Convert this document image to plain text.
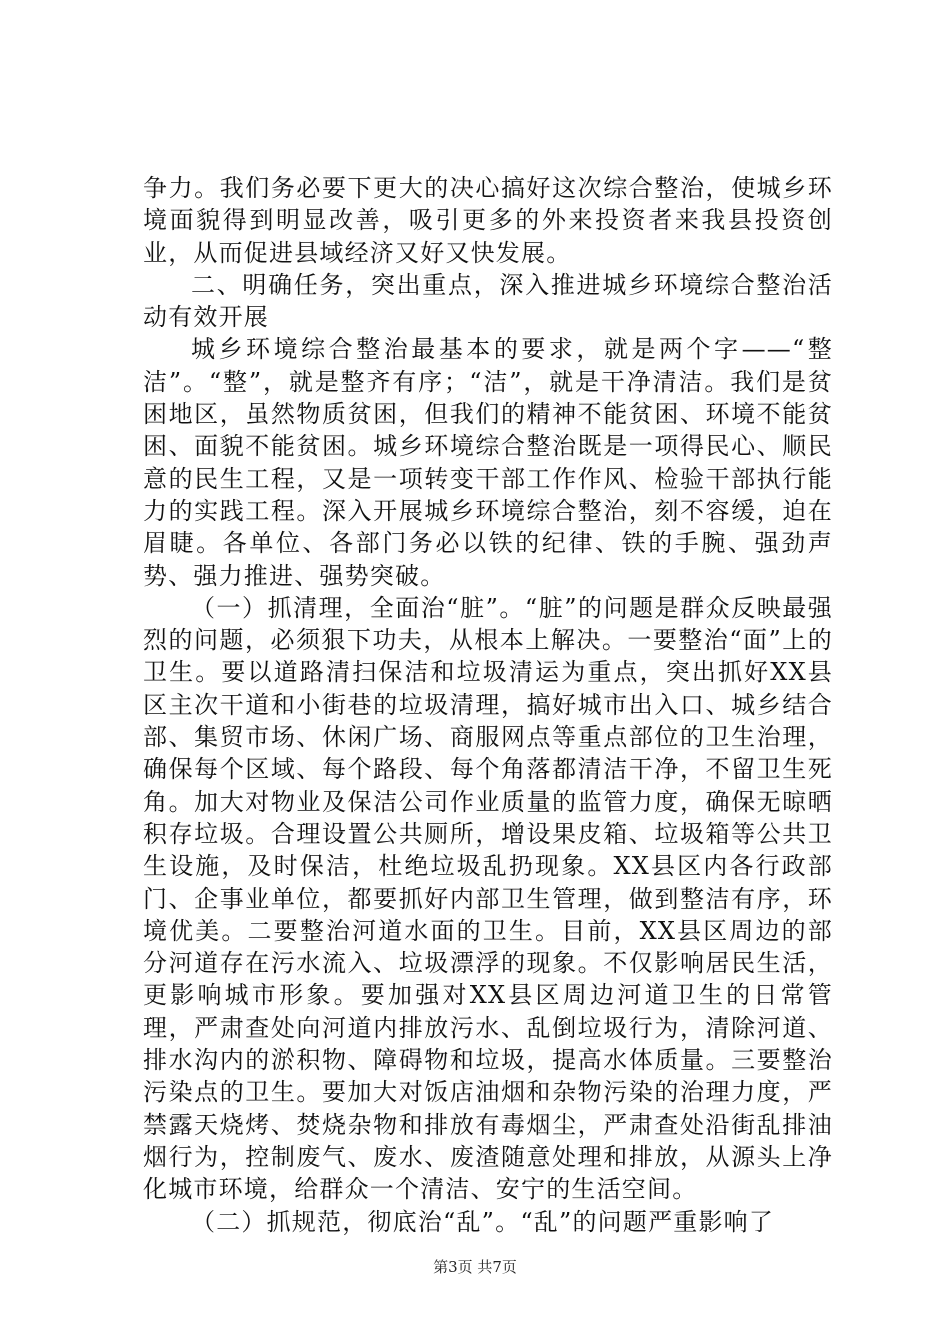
争力。我们务必要下更大的决心搞好这次综合整治，使城乡环境面貌得到明显改善，吸引更多的外来投资者来我县投资创业，从而促进县域经济又好又快发展。

二、明确任务，突出重点，深入推进城乡环境综合整治活动有效开展

城乡环境综合整治最基本的要求，就是两个字——“整洁”。“整”，就是整齐有序；“洁”，就是干净清洁。我们是贫困地区，虽然物质贫困，但我们的精神不能贫困、环境不能贫困、面貌不能贫困。城乡环境综合整治既是一项得民心、顺民意的民生工程，又是一项转变干部工作作风、检验干部执行能力的实践工程。深入开展城乡环境综合整治，刻不容缓，迫在眉睫。各单位、各部门务必以铁的纪律、铁的手腕、强劲声势、强力推进、强势突破。

（一）抓清理，全面治“脏”。“脏”的问题是群众反映最强烈的问题，必须狠下功夫，从根本上解决。一要整治“面”上的卫生。要以道路清扫保洁和垃圾清运为重点，突出抓好XX县区主次干道和小街巷的垃圾清理，搞好城市出入口、城乡结合部、集贸市场、休闲广场、商服网点等重点部位的卫生治理，确保每个区域、每个路段、每个角落都清洁干净，不留卫生死角。加大对物业及保洁公司作业质量的监管力度，确保无晾晒积存垃圾。合理设置公共厕所，增设果皮箱、垃圾箱等公共卫生设施，及时保洁，杜绝垃圾乱扔现象。XX县区内各行政部门、企事业单位，都要抓好内部卫生管理，做到整洁有序，环境优美。二要整治河道水面的卫生。目前，XX县区周边的部分河道存在污水流入、垃圾漂浮的现象。不仅影响居民生活，更影响城市形象。要加强对XX县区周边河道卫生的日常管理，严肃查处向河道内排放污水、乱倒垃圾行为，清除河道、排水沟内的淤积物、障碍物和垃圾，提高水体质量。三要整治污染点的卫生。要加大对饭店油烟和杂物污染的治理力度，严禁露天烧烤、焚烧杂物和排放有毒烟尘，严肃查处沿街乱排油烟行为，控制废气、废水、废渣随意处理和排放，从源头上净化城市环境，给群众一个清洁、安宁的生活空间。

（二）抓规范，彻底治“乱”。“乱”的问题严重影响了

第3页 共7页
